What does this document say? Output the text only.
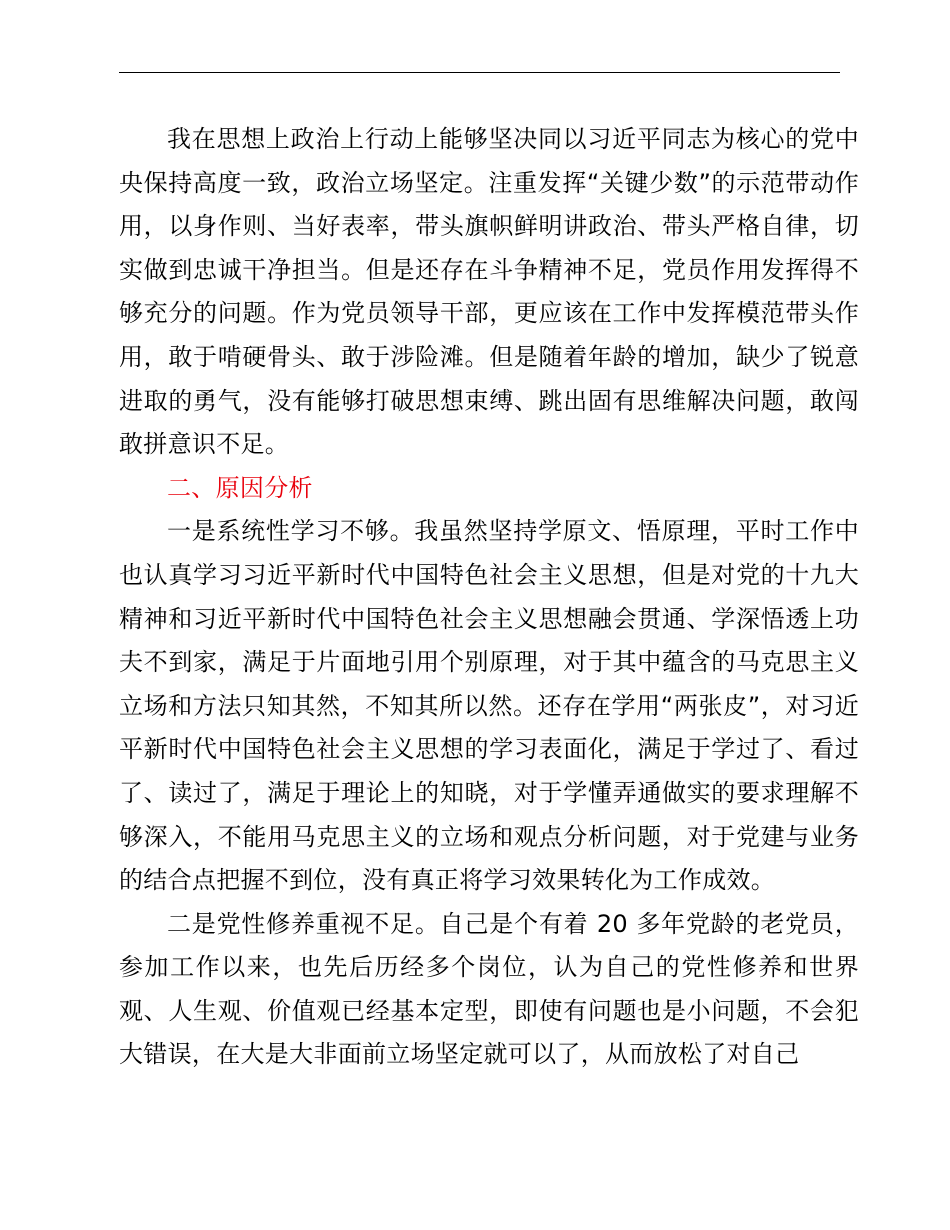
我在思想上政治上行动上能够坚决同以习近平同志为核心的党中央保持高度一致，政治立场坚定。注重发挥“关键少数”的示范带动作用，以身作则、当好表率，带头旗帜鲜明讲政治、带头严格自律，切实做到忠诚干净担当。但是还存在斗争精神不足，党员作用发挥得不够充分的问题。作为党员领导干部，更应该在工作中发挥模范带头作用，敢于啃硬骨头、敢于涉险滩。但是随着年龄的增加，缺少了锐意进取的勇气，没有能够打破思想束缚、跳出固有思维解决问题，敢闯敢拼意识不足。

二、原因分析

一是系统性学习不够。我虽然坚持学原文、悟原理，平时工作中也认真学习习近平新时代中国特色社会主义思想，但是对党的十九大精神和习近平新时代中国特色社会主义思想融会贯通、学深悟透上功夫不到家，满足于片面地引用个别原理，对于其中蕴含的马克思主义立场和方法只知其然，不知其所以然。还存在学用“两张皮”，对习近平新时代中国特色社会主义思想的学习表面化，满足于学过了、看过了、读过了，满足于理论上的知晓，对于学懂弄通做实的要求理解不够深入，不能用马克思主义的立场和观点分析问题，对于党建与业务的结合点把握不到位，没有真正将学习效果转化为工作成效。

二是党性修养重视不足。自己是个有着 20 多年党龄的老党员，参加工作以来，也先后历经多个岗位，认为自己的党性修养和世界观、人生观、价值观已经基本定型，即使有问题也是小问题，不会犯大错误，在大是大非面前立场坚定就可以了，从而放松了对自己
